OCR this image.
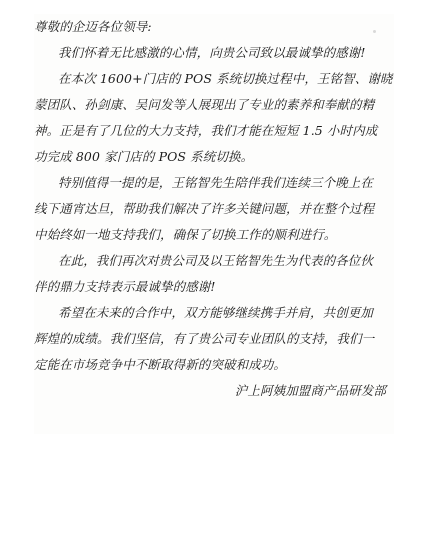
尊敬的企迈各位领导:
我们怀着无比感激的心情，向贵公司致以最诚挚的感谢!
在本次 1600+门店的 POS 系统切换过程中，王铭智、谢晓
蒙团队、孙剑康、吴问发等人展现出了专业的素养和奉献的精
神。正是有了几位的大力支持，我们才能在短短 1.5 小时内成
功完成 800 家门店的 POS 系统切换。
特别值得一提的是，王铭智先生陪伴我们连续三个晚上在
线下通宵达旦，帮助我们解决了许多关键问题，并在整个过程
中始终如一地支持我们，确保了切换工作的顺利进行。
在此，我们再次对贵公司及以王铭智先生为代表的各位伙
伴的鼎力支持表示最诚挚的感谢!
希望在未来的合作中，双方能够继续携手并肩，共创更加
辉煌的成绩。我们坚信，有了贵公司专业团队的支持，我们一
定能在市场竞争中不断取得新的突破和成功。
沪上阿姨加盟商产品研发部
